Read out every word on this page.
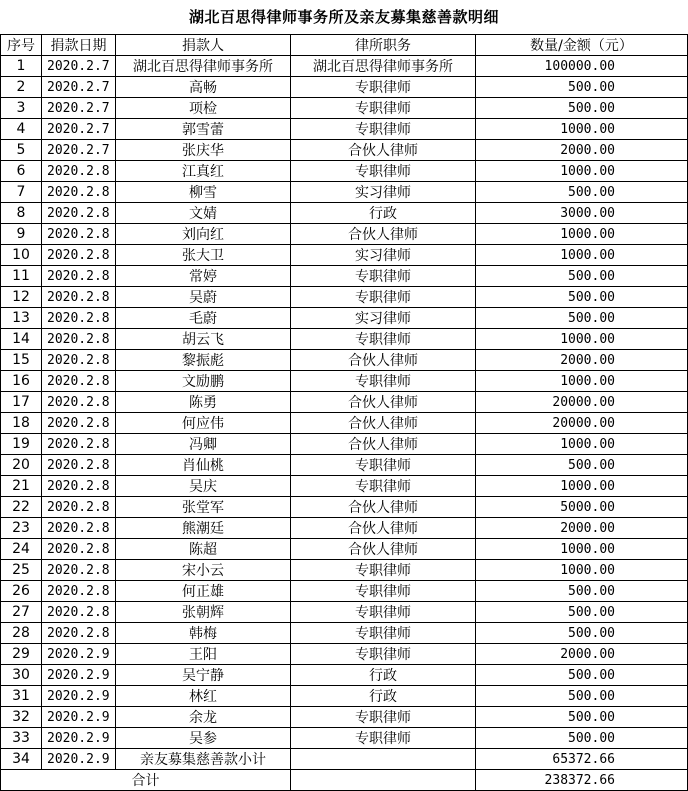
湖北百思得律师事务所及亲友募集慈善款明细
序号	捐款日期	捐款人	律所职务	数量/金额（元）
1	2020.2.7	湖北百思得律师事务所	湖北百思得律师事务所	100000.00
2	2020.2.7	高畅	专职律师	500.00
3	2020.2.7	项检	专职律师	500.00
4	2020.2.7	郭雪蕾	专职律师	1000.00
5	2020.2.7	张庆华	合伙人律师	2000.00
6	2020.2.8	江真红	专职律师	1000.00
7	2020.2.8	柳雪	实习律师	500.00
8	2020.2.8	文婧	行政	3000.00
9	2020.2.8	刘向红	合伙人律师	1000.00
10	2020.2.8	张大卫	实习律师	1000.00
11	2020.2.8	常婷	专职律师	500.00
12	2020.2.8	吴蔚	专职律师	500.00
13	2020.2.8	毛蔚	实习律师	500.00
14	2020.2.8	胡云飞	专职律师	1000.00
15	2020.2.8	黎振彪	合伙人律师	2000.00
16	2020.2.8	文励鹏	专职律师	1000.00
17	2020.2.8	陈勇	合伙人律师	20000.00
18	2020.2.8	何应伟	合伙人律师	20000.00
19	2020.2.8	冯卿	合伙人律师	1000.00
20	2020.2.8	肖仙桃	专职律师	500.00
21	2020.2.8	吴庆	专职律师	1000.00
22	2020.2.8	张堂军	合伙人律师	5000.00
23	2020.2.8	熊潮廷	合伙人律师	2000.00
24	2020.2.8	陈超	合伙人律师	1000.00
25	2020.2.8	宋小云	专职律师	1000.00
26	2020.2.8	何正雄	专职律师	500.00
27	2020.2.8	张朝辉	专职律师	500.00
28	2020.2.8	韩梅	专职律师	500.00
29	2020.2.9	王阳	专职律师	2000.00
30	2020.2.9	吴宁静	行政	500.00
31	2020.2.9	林红	行政	500.00
32	2020.2.9	余龙	专职律师	500.00
33	2020.2.9	吴参	专职律师	500.00
34	2020.2.9	亲友募集慈善款小计		65372.66
合计				238372.66
